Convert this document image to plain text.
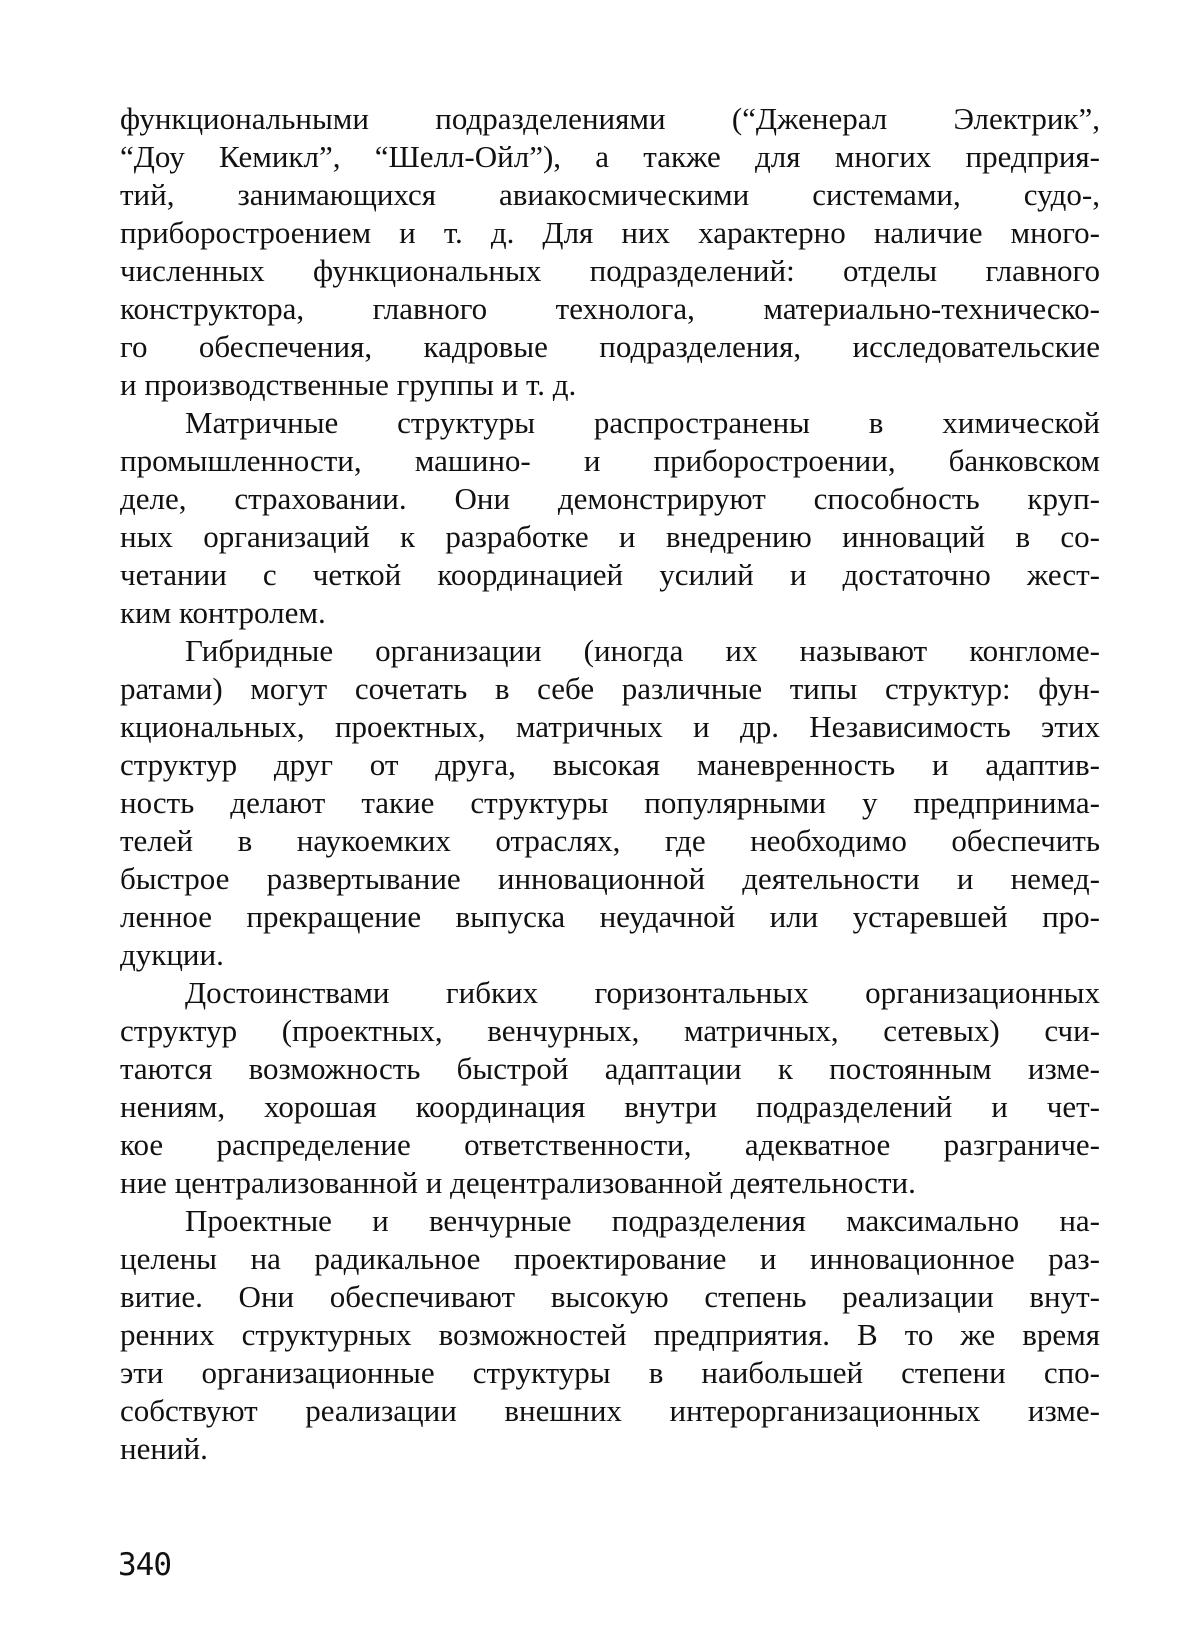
функциональными подразделениями (“Дженерал Электрик”,
“Доу Кемикл”, “Шелл-Ойл”), а также для многих предприя-
тий, занимающихся авиакосмическими системами, судо-,
приборостроением и т. д. Для них характерно наличие много-
численных функциональных подразделений: отделы главного
конструктора, главного технолога, материально-техническо-
го обеспечения, кадровые подразделения, исследовательские
и производственные группы и т. д.
Матричные структуры распространены в химической
промышленности, машино- и приборостроении, банковском
деле, страховании. Они демонстрируют способность круп-
ных организаций к разработке и внедрению инноваций в со-
четании с четкой координацией усилий и достаточно жест-
ким контролем.
Гибридные организации (иногда их называют конгломе-
ратами) могут сочетать в себе различные типы структур: фун-
кциональных, проектных, матричных и др. Независимость этих
структур друг от друга, высокая маневренность и адаптив-
ность делают такие структуры популярными у предпринима-
телей в наукоемких отраслях, где необходимо обеспечить
быстрое развертывание инновационной деятельности и немед-
ленное прекращение выпуска неудачной или устаревшей про-
дукции.
Достоинствами гибких горизонтальных организационных
структур (проектных, венчурных, матричных, сетевых) счи-
таются возможность быстрой адаптации к постоянным изме-
нениям, хорошая координация внутри подразделений и чет-
кое распределение ответственности, адекватное разграниче-
ние централизованной и децентрализованной деятельности.
Проектные и венчурные подразделения максимально на-
целены на радикальное проектирование и инновационное раз-
витие. Они обеспечивают высокую степень реализации внут-
ренних структурных возможностей предприятия. В то же время
эти организационные структуры в наибольшей степени спо-
собствуют реализации внешних интерорганизационных изме-
нений.
340
